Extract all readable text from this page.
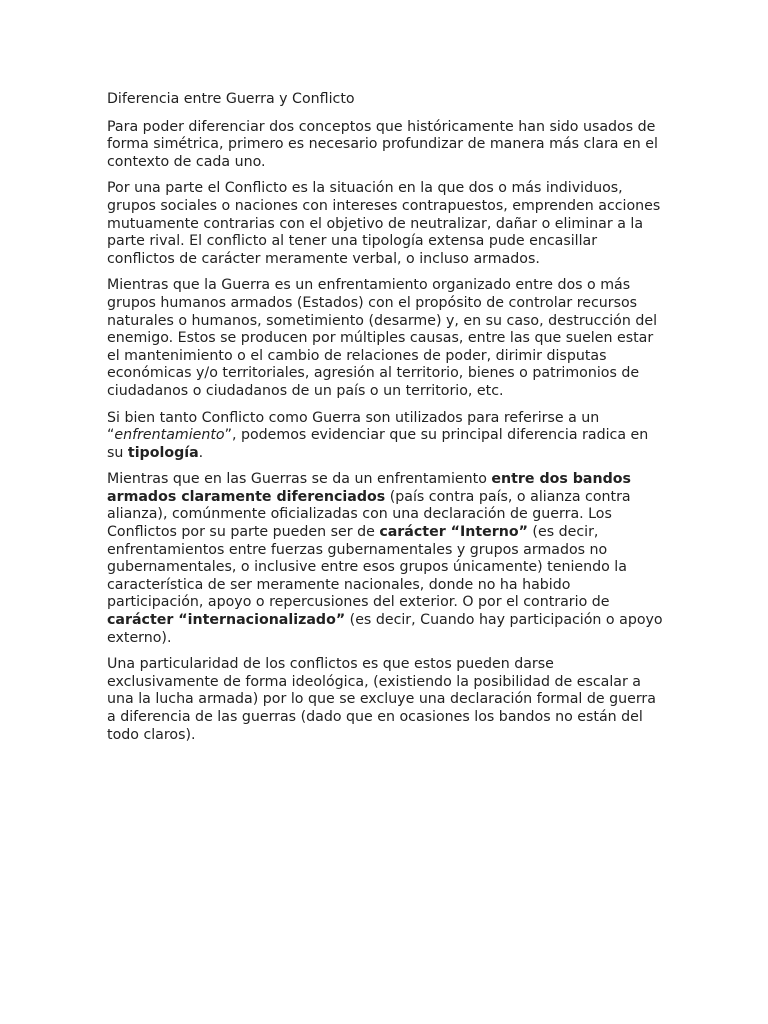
Diferencia entre Guerra y Conflicto

Para poder diferenciar dos conceptos que históricamente han sido usados de forma simétrica, primero es necesario profundizar de manera más clara en el contexto de cada uno.

Por una parte el Conflicto es la situación en la que dos o más individuos, grupos sociales o naciones con intereses contrapuestos, emprenden acciones mutuamente contrarias con el objetivo de neutralizar, dañar o eliminar a la parte rival. El conflicto al tener una tipología extensa pude encasillar conflictos de carácter meramente verbal, o incluso armados.

Mientras que la Guerra es un enfrentamiento organizado entre dos o más grupos humanos armados (Estados) con el propósito de controlar recursos naturales o humanos, sometimiento (desarme) y, en su caso, destrucción del enemigo. Estos se producen por múltiples causas, entre las que suelen estar el mantenimiento o el cambio de relaciones de poder, dirimir disputas económicas y/o territoriales, agresión al territorio, bienes o patrimonios de ciudadanos o ciudadanos de un país o un territorio, etc.

Si bien tanto Conflicto como Guerra son utilizados para referirse a un “enfrentamiento”, podemos evidenciar que su principal diferencia radica en su tipología.

Mientras que en las Guerras se da un enfrentamiento entre dos bandos armados claramente diferenciados (país contra país, o alianza contra alianza), comúnmente oficializadas con una declaración de guerra. Los Conflictos por su parte pueden ser de carácter “Interno” (es decir, enfrentamientos entre fuerzas gubernamentales y grupos armados no gubernamentales, o inclusive entre esos grupos únicamente) teniendo la característica de ser meramente nacionales, donde no ha habido participación, apoyo o repercusiones del exterior. O por el contrario de carácter “internacionalizado” (es decir, Cuando hay participación o apoyo externo).

Una particularidad de los conflictos es que estos pueden darse exclusivamente de forma ideológica, (existiendo la posibilidad de escalar a una la lucha armada) por lo que se excluye una declaración formal de guerra a diferencia de las guerras (dado que en ocasiones los bandos no están del todo claros).
